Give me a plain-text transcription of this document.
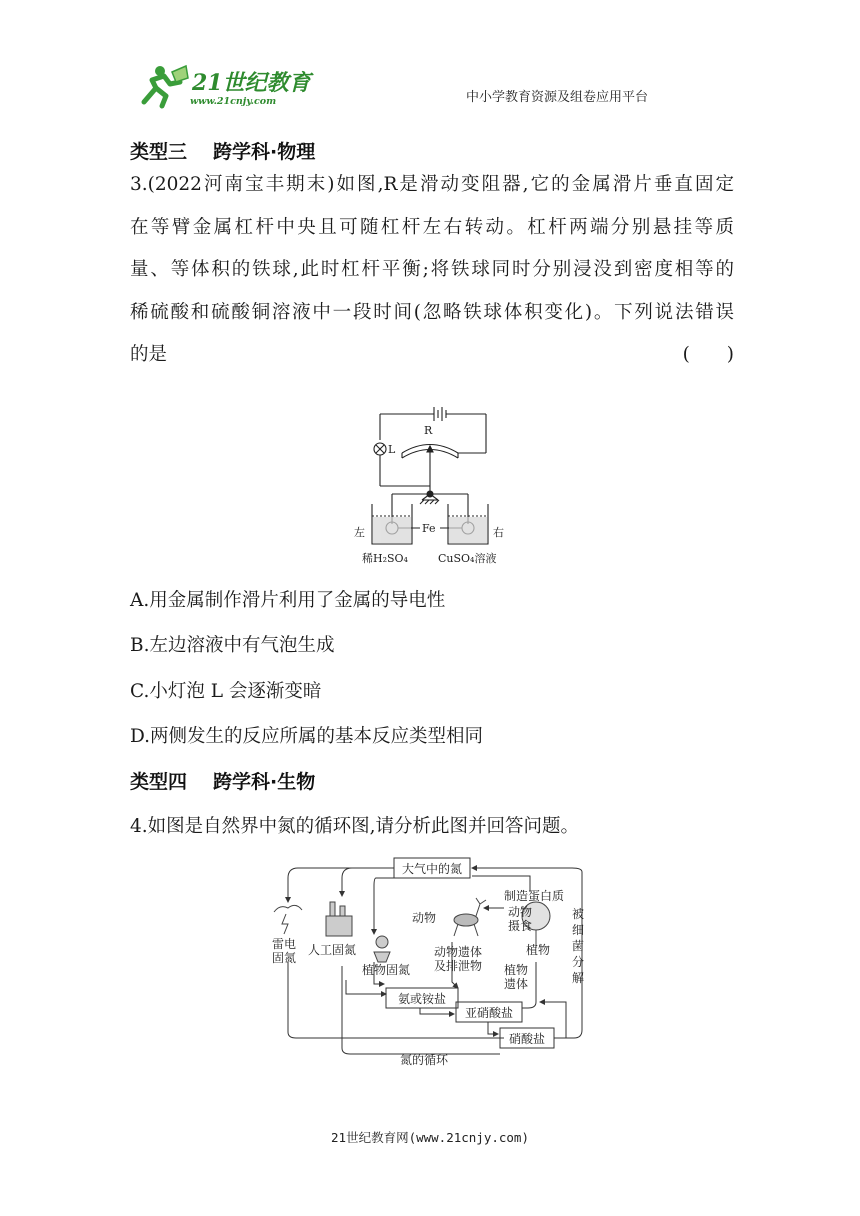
21世纪教育
www.21cnjy.com	中小学教育资源及组卷应用平台
类型三 跨学科·物理
3.(2022河南宝丰期末)如图,R是滑动变阻器,它的金属滑片垂直固定
在等臂金属杠杆中央且可随杠杆左右转动。杠杆两端分别悬挂等质
量、等体积的铁球,此时杠杆平衡;将铁球同时分别浸没到密度相等的
稀硫酸和硫酸铜溶液中一段时间(忽略铁球体积变化)。下列说法错误
的是	(　　)
L
R
左	右
Fe
稀H₂SO₄	CuSO₄溶液
A.用金属制作滑片利用了金属的导电性
B.左边溶液中有气泡生成
C.小灯泡 L 会逐渐变暗
D.两侧发生的反应所属的基本反应类型相同
类型四 跨学科·生物
4.如图是自然界中氮的循环图,请分析此图并回答问题。
大气中的氮
雷电
固氮
人工固氮
植物固氮
动物
制造蛋白质
动物
摄食
动物遗体
及排泄物
植物
植物
遗体
被
细
菌
分
解
氨或铵盐
亚硝酸盐
硝酸盐
氮的循环
21世纪教育网(www.21cnjy.com)
